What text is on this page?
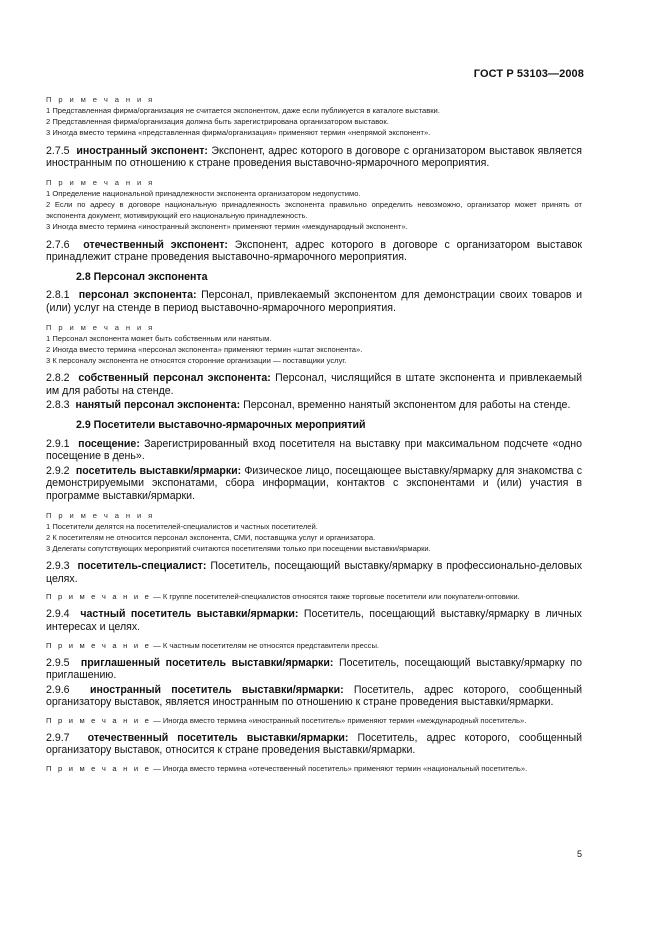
ГОСТ Р 53103—2008
П р и м е ч а н и я
1 Представленная фирма/организация не считается экспонентом, даже если публикуется в каталоге выставки.
2 Представленная фирма/организация должна быть зарегистрирована организатором выставок.
3 Иногда вместо термина «представленная фирма/организация» применяют термин «непрямой экспонент».
2.7.5 иностранный экспонент: Экспонент, адрес которого в договоре с организатором выставок является иностранным по отношению к стране проведения выставочно-ярмарочного мероприятия.
П р и м е ч а н и я
1 Определение национальной принадлежности экспонента организатором недопустимо.
2 Если по адресу в договоре национальную принадлежность экспонента правильно определить невозможно, организатор может принять от экспонента документ, мотивирующий его национальную принадлежность.
3 Иногда вместо термина «иностранный экспонент» применяют термин «международный экспонент».
2.7.6 отечественный экспонент: Экспонент, адрес которого в договоре с организатором выставок принадлежит стране проведения выставочно-ярмарочного мероприятия.
2.8 Персонал экспонента
2.8.1 персонал экспонента: Персонал, привлекаемый экспонентом для демонстрации своих товаров и (или) услуг на стенде в период выставочно-ярмарочного мероприятия.
П р и м е ч а н и я
1 Персонал экспонента может быть собственным или нанятым.
2 Иногда вместо термина «персонал экспонента» применяют термин «штат экспонента».
3 К персоналу экспонента не относятся сторонние организации — поставщики услуг.
2.8.2 собственный персонал экспонента: Персонал, числящийся в штате экспонента и привлекаемый им для работы на стенде.
2.8.3 нанятый персонал экспонента: Персонал, временно нанятый экспонентом для работы на стенде.
2.9 Посетители выставочно-ярмарочных мероприятий
2.9.1 посещение: Зарегистрированный вход посетителя на выставку при максимальном подсчете «одно посещение в день».
2.9.2 посетитель выставки/ярмарки: Физическое лицо, посещающее выставку/ярмарку для знакомства с демонстрируемыми экспонатами, сбора информации, контактов с экспонентами и (или) участия в программе выставки/ярмарки.
П р и м е ч а н и я
1 Посетители делятся на посетителей-специалистов и частных посетителей.
2 К посетителям не относится персонал экспонента, СМИ, поставщика услуг и организатора.
3 Делегаты сопутствующих мероприятий считаются посетителями только при посещении выставки/ярмарки.
2.9.3 посетитель-специалист: Посетитель, посещающий выставку/ярмарку в профессионально-деловых целях.
П р и м е ч а н и е — К группе посетителей-специалистов относятся также торговые посетители или покупатели-оптовики.
2.9.4 частный посетитель выставки/ярмарки: Посетитель, посещающий выставку/ярмарку в личных интересах и целях.
П р и м е ч а н и е — К частным посетителям не относятся представители прессы.
2.9.5 приглашенный посетитель выставки/ярмарки: Посетитель, посещающий выставку/ярмарку по приглашению.
2.9.6 иностранный посетитель выставки/ярмарки: Посетитель, адрес которого, сообщенный организатору выставок, является иностранным по отношению к стране проведения выставки/ярмарки.
П р и м е ч а н и е — Иногда вместо термина «иностранный посетитель» применяют термин «международный посетитель».
2.9.7 отечественный посетитель выставки/ярмарки: Посетитель, адрес которого, сообщенный организатору выставок, относится к стране проведения выставки/ярмарки.
П р и м е ч а н и е — Иногда вместо термина «отечественный посетитель» применяют термин «национальный посетитель».
5
